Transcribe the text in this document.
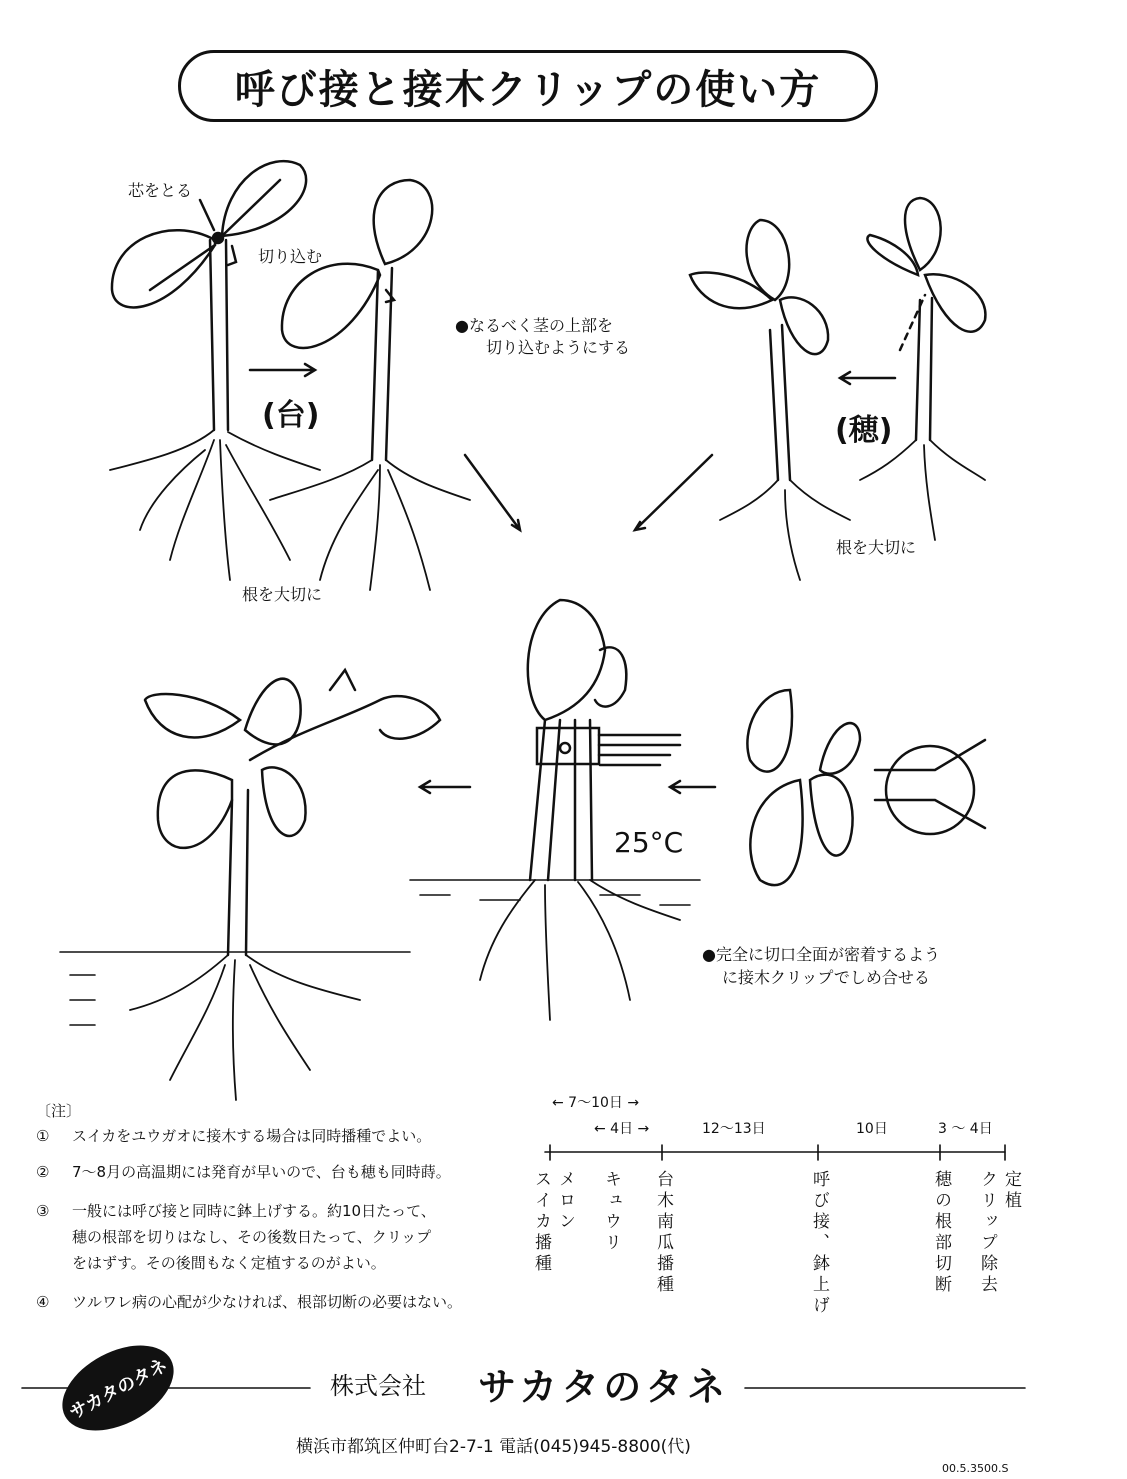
呼び接と接木クリップの使い方
芯をとる
切り込む
(台)	(穂)
根を大切に
根を大切に
●なるべく茎の上部を
切り込むようにする
25°C
●完全に切口全面が密着するよう
に接木クリップでしめ合せる
〔注〕
① スイカをユウガオに接木する場合は同時播種でよい。
② 7～8月の高温期には発育が早いので、台も穂も同時蒔。
③ 一般には呼び接と同時に鉢上げする。約10日たって、
穂の根部を切りはなし、その後数日たって、クリップ
をはずす。その後間もなく定植するのがよい。
④ ツルワレ病の心配が少なければ、根部切断の必要はない。
← 7～10日 →
← 4日 →	12～13日	10日	3 ～ 4日
メロン
スイカ播種	キュウリ 台木南瓜播種	呼び接、鉢上げ	穂の根部切断 クリップ除去 定植
サカタのタネ	株式会社 サカタのタネ
横浜市都筑区仲町台2-7-1 電話(045)945-8800(代)
00.5.3500.S
